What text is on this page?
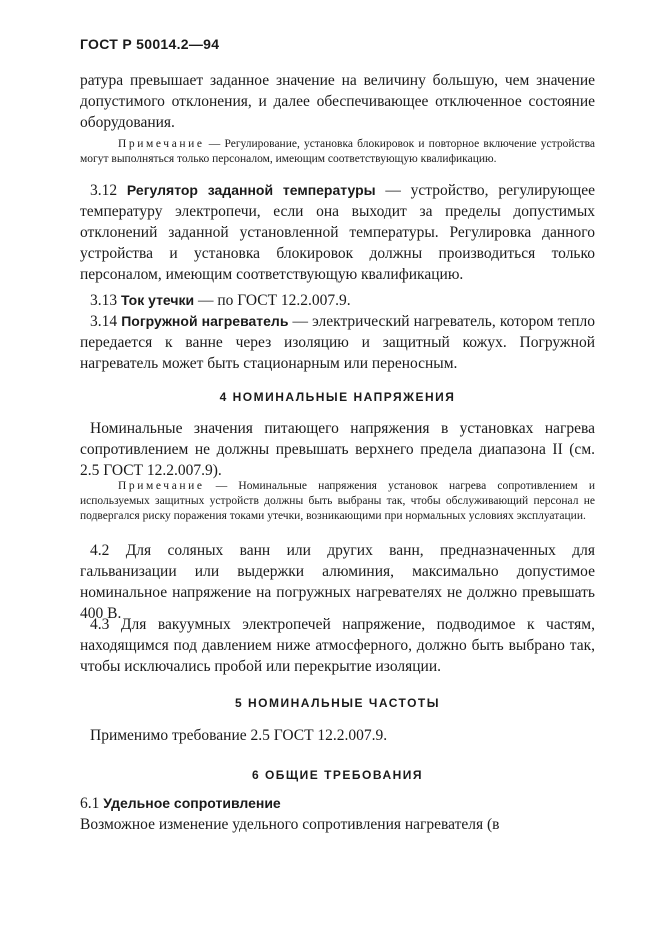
ГОСТ Р 50014.2—94

ратура превышает заданное значение на величину большую, чем значение допустимого отклонения, и далее обеспечивающее отключенное состояние оборудования.

Примечание — Регулирование, установка блокировок и повторное включение устройства могут выполняться только персоналом, имеющим соответствующую квалификацию.

3.12 Регулятор заданной температуры — устройство, регулирующее температуру электропечи, если она выходит за пределы допустимых отклонений заданной установленной температуры. Регулировка данного устройства и установка блокировок должны производиться только персоналом, имеющим соответствующую квалификацию.

3.13 Ток утечки — по ГОСТ 12.2.007.9.

3.14 Погружной нагреватель — электрический нагреватель, котором тепло передается к ванне через изоляцию и защитный кожух. Погружной нагреватель может быть стационарным или переносным.

4 НОМИНАЛЬНЫЕ НАПРЯЖЕНИЯ

Номинальные значения питающего напряжения в установках нагрева сопротивлением не должны превышать верхнего предела диапазона II (см. 2.5 ГОСТ 12.2.007.9).

Примечание — Номинальные напряжения установок нагрева сопротивлением и используемых защитных устройств должны быть выбраны так, чтобы обслуживающий персонал не подвергался риску поражения токами утечки, возникающими при нормальных условиях эксплуатации.

4.2 Для соляных ванн или других ванн, предназначенных для гальванизации или выдержки алюминия, максимально допустимое номинальное напряжение на погружных нагревателях не должно превышать 400 В.

4.3 Для вакуумных электропечей напряжение, подводимое к частям, находящимся под давлением ниже атмосферного, должно быть выбрано так, чтобы исключались пробой или перекрытие изоляции.

5 НОМИНАЛЬНЫЕ ЧАСТОТЫ

Применимо требование 2.5 ГОСТ 12.2.007.9.

6 ОБЩИЕ ТРЕБОВАНИЯ

6.1 Удельное сопротивление

Возможное изменение удельного сопротивления нагревателя (в
